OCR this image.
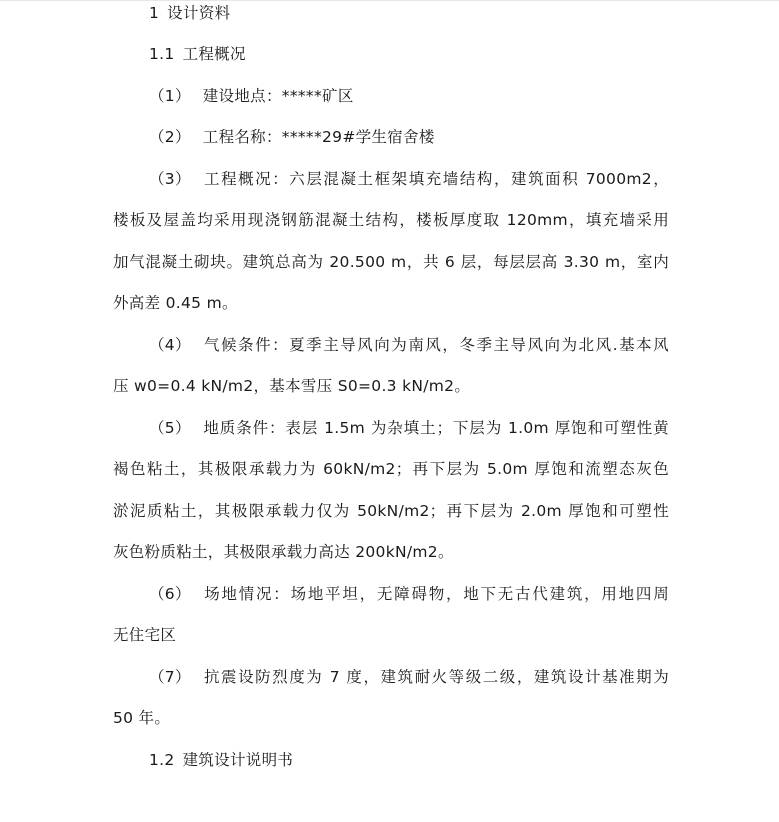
1 设计资料
1.1 工程概况
（1） 建设地点：*****矿区
（2） 工程名称：*****29#学生宿舍楼
（3） 工程概况：六层混凝土框架填充墙结构，建筑面积 7000m2，
楼板及屋盖均采用现浇钢筋混凝土结构，楼板厚度取 120mm，填充墙采用
加气混凝土砌块。建筑总高为 20.500 m，共 6 层，每层层高 3.30 m，室内
外高差 0.45 m。
（4） 气候条件：夏季主导风向为南风，冬季主导风向为北风.基本风
压 w0=0.4 kN/m2，基本雪压 S0=0.3 kN/m2。
（5） 地质条件：表层 1.5m 为杂填土；下层为 1.0m 厚饱和可塑性黄
褐色粘土，其极限承载力为 60kN/m2；再下层为 5.0m 厚饱和流塑态灰色
淤泥质粘土，其极限承载力仅为 50kN/m2；再下层为 2.0m 厚饱和可塑性
灰色粉质粘土，其极限承载力高达 200kN/m2。
（6） 场地情况：场地平坦，无障碍物，地下无古代建筑，用地四周
无住宅区
（7） 抗震设防烈度为 7 度，建筑耐火等级二级，建筑设计基准期为
50 年。
1.2 建筑设计说明书
